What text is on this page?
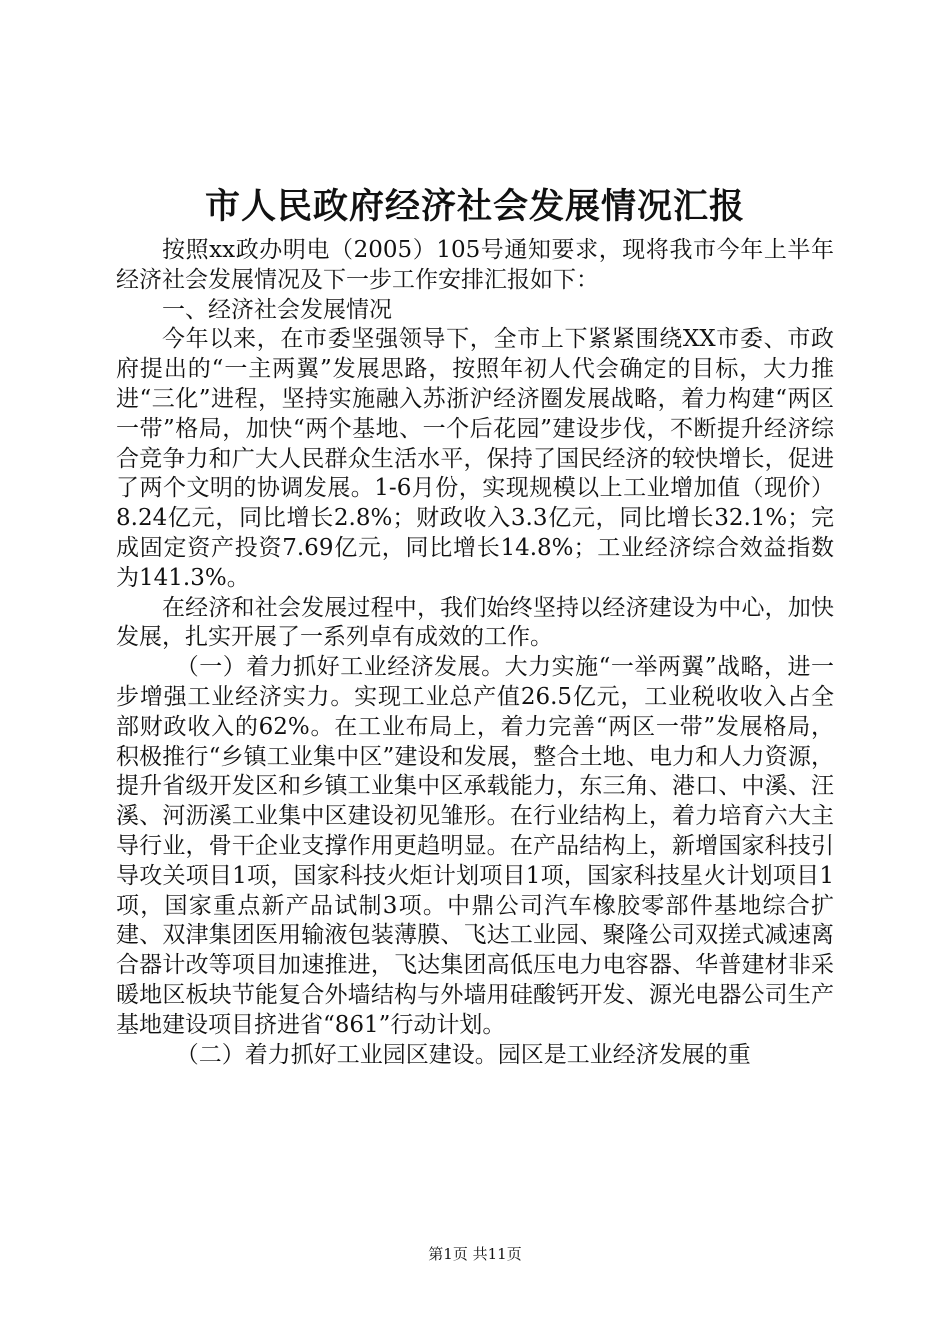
市人民政府经济社会发展情况汇报

按照xx政办明电（2005）105号通知要求，现将我市今年上半年经济社会发展情况及下一步工作安排汇报如下：

一、经济社会发展情况

今年以来，在市委坚强领导下，全市上下紧紧围绕XX市委、市政府提出的“一主两翼”发展思路，按照年初人代会确定的目标，大力推进“三化”进程，坚持实施融入苏浙沪经济圈发展战略，着力构建“两区一带”格局，加快“两个基地、一个后花园”建设步伐，不断提升经济综合竞争力和广大人民群众生活水平，保持了国民经济的较快增长，促进了两个文明的协调发展。1-6月份，实现规模以上工业增加值（现价）8.24亿元，同比增长2.8%；财政收入3.3亿元，同比增长32.1%；完成固定资产投资7.69亿元，同比增长14.8%；工业经济综合效益指数为141.3%。

在经济和社会发展过程中，我们始终坚持以经济建设为中心，加快发展，扎实开展了一系列卓有成效的工作。

（一）着力抓好工业经济发展。大力实施“一举两翼”战略，进一步增强工业经济实力。实现工业总产值26.5亿元，工业税收收入占全部财政收入的62%。在工业布局上，着力完善“两区一带”发展格局，积极推行“乡镇工业集中区”建设和发展，整合土地、电力和人力资源，提升省级开发区和乡镇工业集中区承载能力，东三角、港口、中溪、汪溪、河沥溪工业集中区建设初见雏形。在行业结构上，着力培育六大主导行业，骨干企业支撑作用更趋明显。在产品结构上，新增国家科技引导攻关项目1项，国家科技火炬计划项目1项，国家科技星火计划项目1项，国家重点新产品试制3项。中鼎公司汽车橡胶零部件基地综合扩建、双津集团医用输液包装薄膜、飞达工业园、聚隆公司双搓式减速离合器计改等项目加速推进，飞达集团高低压电力电容器、华普建材非采暖地区板块节能复合外墙结构与外墙用硅酸钙开发、源光电器公司生产基地建设项目挤进省“861”行动计划。

（二）着力抓好工业园区建设。园区是工业经济发展的重

第1页 共11页
